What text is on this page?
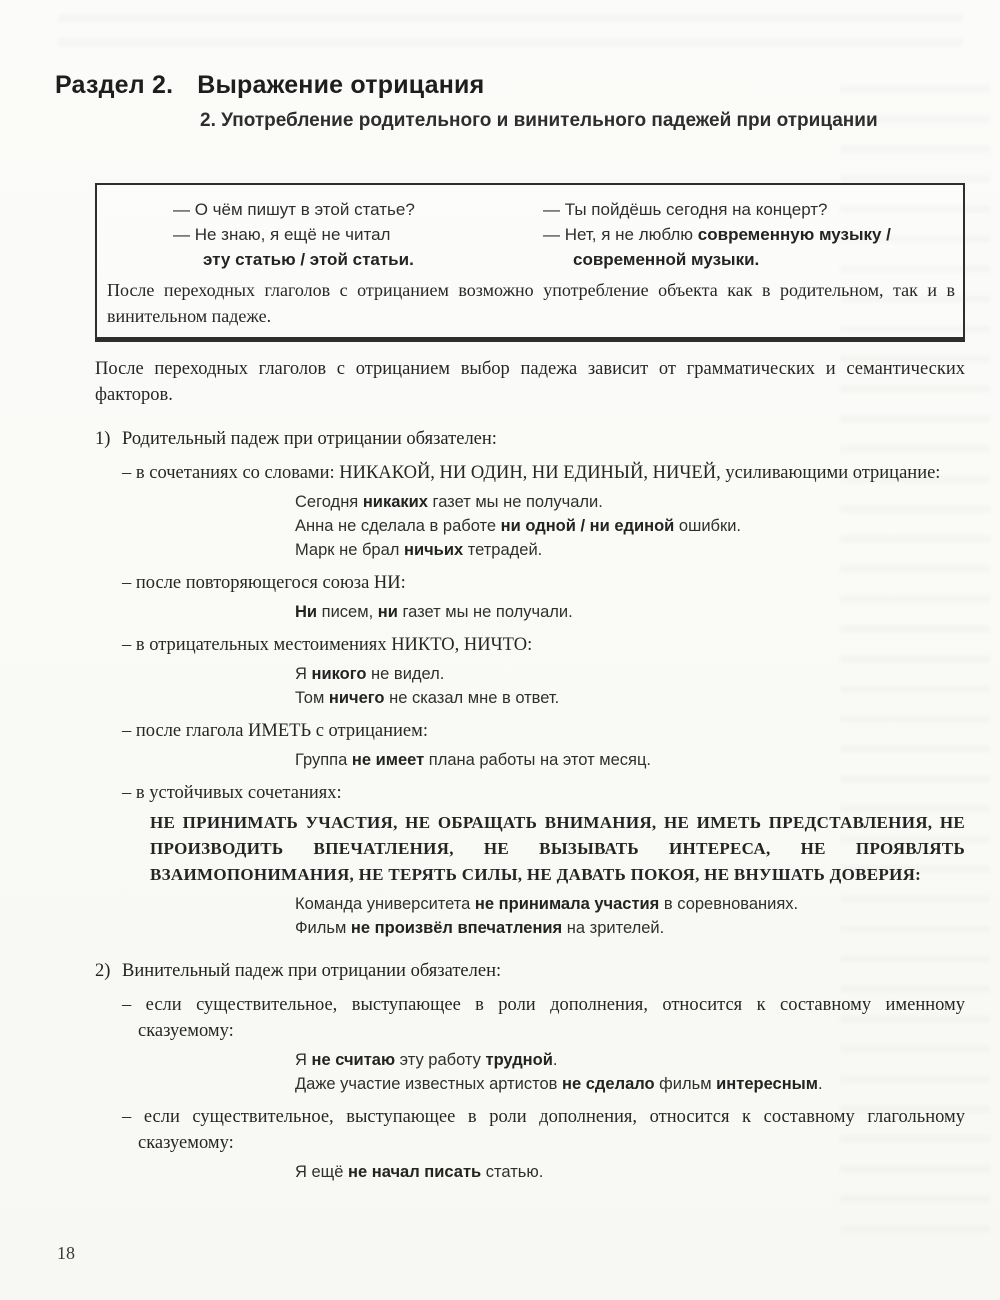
Раздел 2. Выражение отрицания
2. Употребление родительного и винительного падежей при отрицании
— О чём пишут в этой статье?
— Не знаю, я ещё не читал
эту статью / этой статьи.
— Ты пойдёшь сегодня на концерт?
— Нет, я не люблю современную музыку /
современной музыки.

После переходных глаголов с отрицанием возможно употребление объекта как в родительном, так и в винительном падеже.

После переходных глаголов с отрицанием выбор падежа зависит от грамматических и семантических факторов.

1) Родительный падеж при отрицании обязателен:

– в сочетаниях со словами: НИКАКОЙ, НИ ОДИН, НИ ЕДИНЫЙ, НИЧЕЙ, усиливающими отрицание:

Сегодня никаких газет мы не получали.
Анна не сделала в работе ни одной / ни единой ошибки.
Марк не брал ничьих тетрадей.

– после повторяющегося союза НИ:

Ни писем, ни газет мы не получали.

– в отрицательных местоимениях НИКТО, НИЧТО:

Я никого не видел.
Том ничего не сказал мне в ответ.

– после глагола ИМЕТЬ с отрицанием:

Группа не имеет плана работы на этот месяц.

– в устойчивых сочетаниях:

НЕ ПРИНИМАТЬ УЧАСТИЯ, НЕ ОБРАЩАТЬ ВНИМАНИЯ, НЕ ИМЕТЬ ПРЕДСТАВЛЕНИЯ, НЕ ПРОИЗВОДИТЬ ВПЕЧАТЛЕНИЯ, НЕ ВЫЗЫВАТЬ ИНТЕРЕСА, НЕ ПРОЯВЛЯТЬ ВЗАИМОПОНИМАНИЯ, НЕ ТЕРЯТЬ СИЛЫ, НЕ ДАВАТЬ ПОКОЯ, НЕ ВНУШАТЬ ДОВЕРИЯ:

Команда университета не принимала участия в соревнованиях.
Фильм не произвёл впечатления на зрителей.
2) Винительный падеж при отрицании обязателен:

– если существительное, выступающее в роли дополнения, относится к составному именному сказуемому:

Я не считаю эту работу трудной.
Даже участие известных артистов не сделало фильм интересным.

– если существительное, выступающее в роли дополнения, относится к составному глагольному сказуемому:

Я ещё не начал писать статью.
18
